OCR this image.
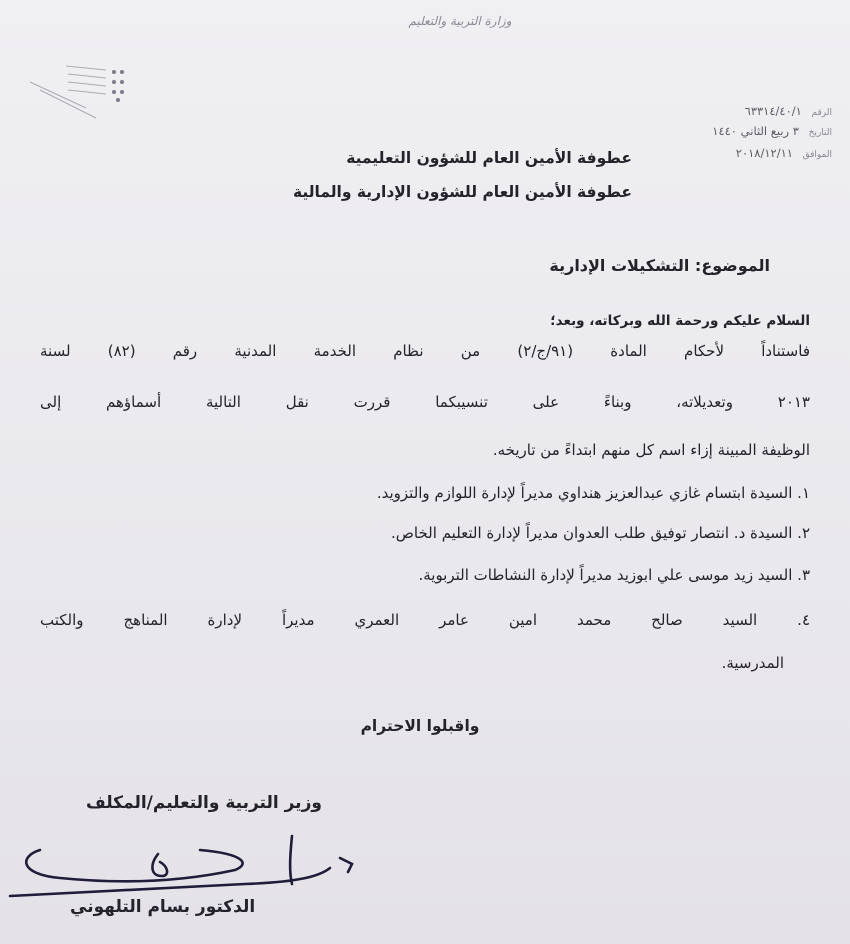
وزارة التربية والتعليم
الرقم ٦٣٣١٤/٤٠/١
التاريخ ٣ ربيع الثاني ١٤٤٠
الموافق ٢٠١٨/١٢/١١
عطوفة الأمين العام للشؤون التعليمية
عطوفة الأمين العام للشؤون الإدارية والمالية
الموضوع: التشكيلات الإدارية
السلام عليكم ورحمة الله وبركاته، وبعد؛
فاستناداً لأحكام المادة (٩١/ج/٢) من نظام الخدمة المدنية رقم (٨٢) لسنة
٢٠١٣ وتعديلاته، وبناءً على تنسيبكما قررت نقل التالية أسماؤهم إلى
الوظيفة المبينة إزاء اسم كل منهم ابتداءً من تاريخه.
١. السيدة ابتسام غازي عبدالعزيز هنداوي مديراً لإدارة اللوازم والتزويد.
٢. السيدة د. انتصار توفيق طلب العدوان مديراً لإدارة التعليم الخاص.
٣. السيد زيد موسى علي ابوزيد مديراً لإدارة النشاطات التربوية.
٤. السيد صالح محمد امين عامر العمري مديراً لإدارة المناهج والكتب
المدرسية.
واقبلوا الاحترام
وزير التربية والتعليم/المكلف
الدكتور بسام التلهوني
